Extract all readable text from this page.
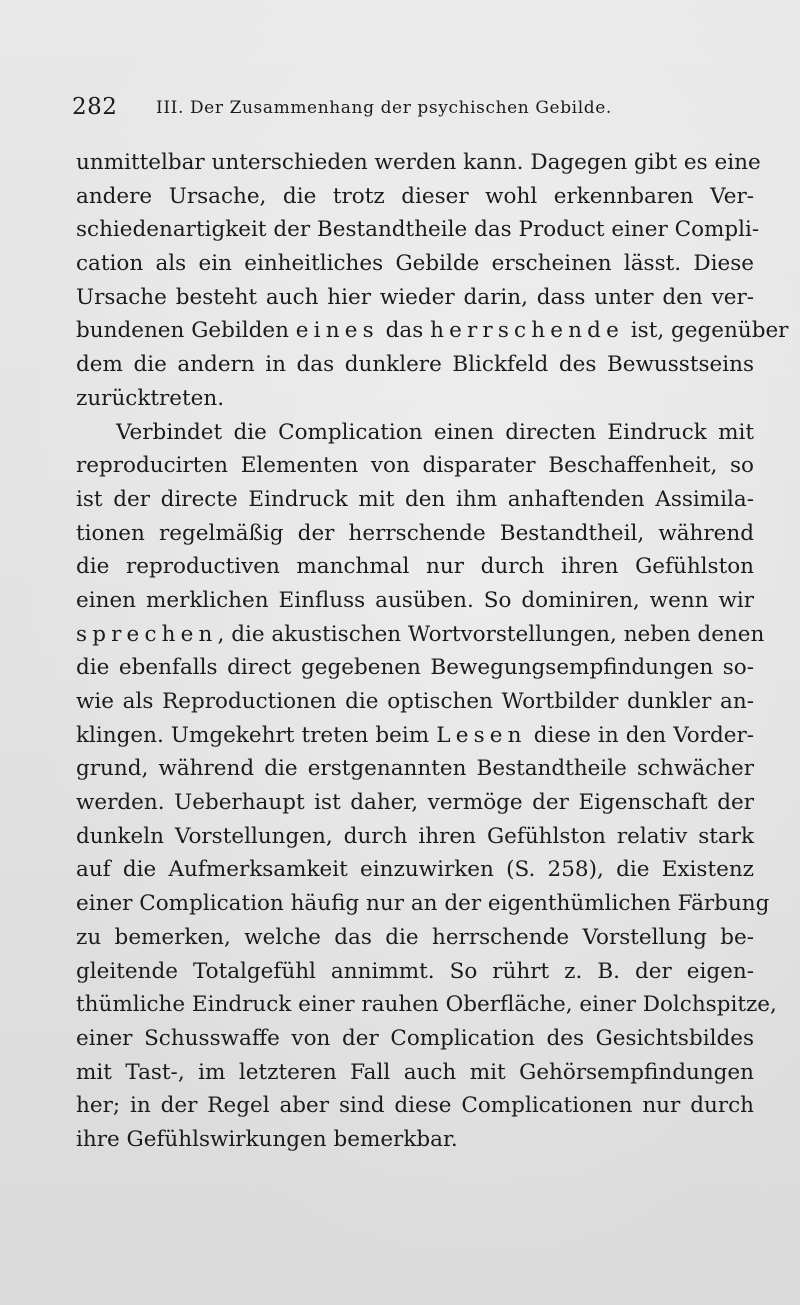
282 III. Der Zusammenhang der psychischen Gebilde.
unmittelbar unterschieden werden kann. Dagegen gibt es eine
andere Ursache, die trotz dieser wohl erkennbaren Ver-
schiedenartigkeit der Bestandtheile das Product einer Compli-
cation als ein einheitliches Gebilde erscheinen lässt. Diese
Ursache besteht auch hier wieder darin, dass unter den ver-
bundenen Gebilden eines das herrschende ist, gegenüber
dem die andern in das dunklere Blickfeld des Bewusstseins
zurücktreten.
Verbindet die Complication einen directen Eindruck mit
reproducirten Elementen von disparater Beschaffenheit, so
ist der directe Eindruck mit den ihm anhaftenden Assimila-
tionen regelmäßig der herrschende Bestandtheil, während
die reproductiven manchmal nur durch ihren Gefühlston
einen merklichen Einfluss ausüben. So dominiren, wenn wir
sprechen, die akustischen Wortvorstellungen, neben denen
die ebenfalls direct gegebenen Bewegungsempfindungen so-
wie als Reproductionen die optischen Wortbilder dunkler an-
klingen. Umgekehrt treten beim Lesen diese in den Vorder-
grund, während die erstgenannten Bestandtheile schwächer
werden. Ueberhaupt ist daher, vermöge der Eigenschaft der
dunkeln Vorstellungen, durch ihren Gefühlston relativ stark
auf die Aufmerksamkeit einzuwirken (S. 258), die Existenz
einer Complication häufig nur an der eigenthümlichen Färbung
zu bemerken, welche das die herrschende Vorstellung be-
gleitende Totalgefühl annimmt. So rührt z. B. der eigen-
thümliche Eindruck einer rauhen Oberfläche, einer Dolchspitze,
einer Schusswaffe von der Complication des Gesichtsbildes
mit Tast-, im letzteren Fall auch mit Gehörsempfindungen
her; in der Regel aber sind diese Complicationen nur durch
ihre Gefühlswirkungen bemerkbar.
